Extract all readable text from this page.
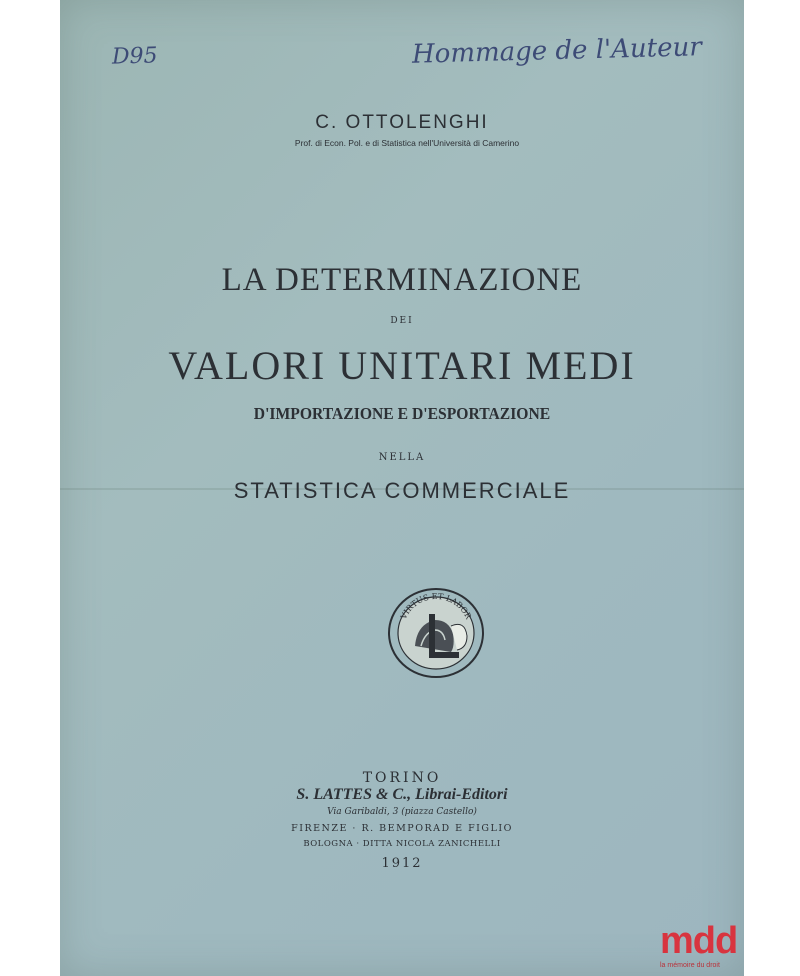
D95	Hommage de l'Auteur
C. OTTOLENGHI
Prof. di Econ. Pol. e di Statistica nell'Università di Camerino
LA DETERMINAZIONE
DEI
VALORI UNITARI MEDI
D'IMPORTAZIONE E D'ESPORTAZIONE
NELLA
STATISTICA COMMERCIALE
VIRTUS ET LABOR
TORINO
S. LATTES & C., Librai-Editori
Via Garibaldi, 3 (piazza Castello)
FIRENZE · R. BEMPORAD E FIGLIO
BOLOGNA · DITTA NICOLA ZANICHELLI
1912
mdd
la mémoire du droit
